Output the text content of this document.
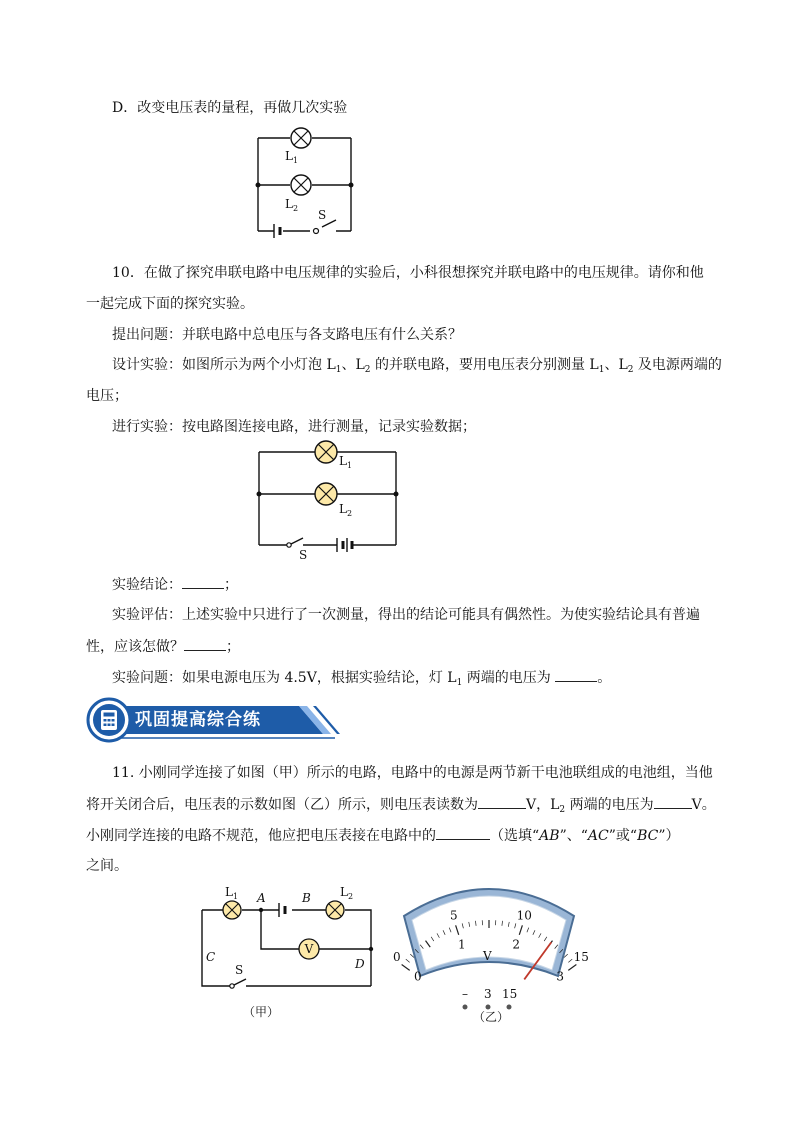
D．改变电压表的量程，再做几次实验
$L_1$
$L_2$ S
10．在做了探究串联电路中电压规律的实验后，小科很想探究并联电路中的电压规律。请你和他
一起完成下面的探究实验。
提出问题：并联电路中总电压与各支路电压有什么关系？
设计实验：如图所示为两个小灯泡 $L_1$、$L_2$ 的并联电路，要用电压表分别测量 $L_1$、$L_2$ 及电源两端的
电压；
进行实验：按电路图连接电路，进行测量，记录实验数据；
$L_1$
$L_2$
S
实验结论：	；
实验评估：上述实验中只进行了一次测量，得出的结论可能具有偶然性。为使实验结论具有普遍
性，应该怎做？	；
实验问题：如果电源电压为 4.5V，根据实验结论，灯 $L_1$ 两端的电压为	。
巩固提高综合练
11. 小刚同学连接了如图（甲）所示的电路，电路中的电源是两节新干电池联组成的电池组，当他
将开关闭合后，电压表的示数如图（乙）所示，则电压表读数为	V，$L_2$ 两端的电压为	V。
小刚同学连接的电路不规范，他应把电压表接在电路中的	（选填“AB”、“AC”或“BC”）
之间。
V
$L_1$	$L_2$
A	B
C	D
S
（甲）
0
5	10
15
0
1	2
3
V
– 3 15
（乙）
